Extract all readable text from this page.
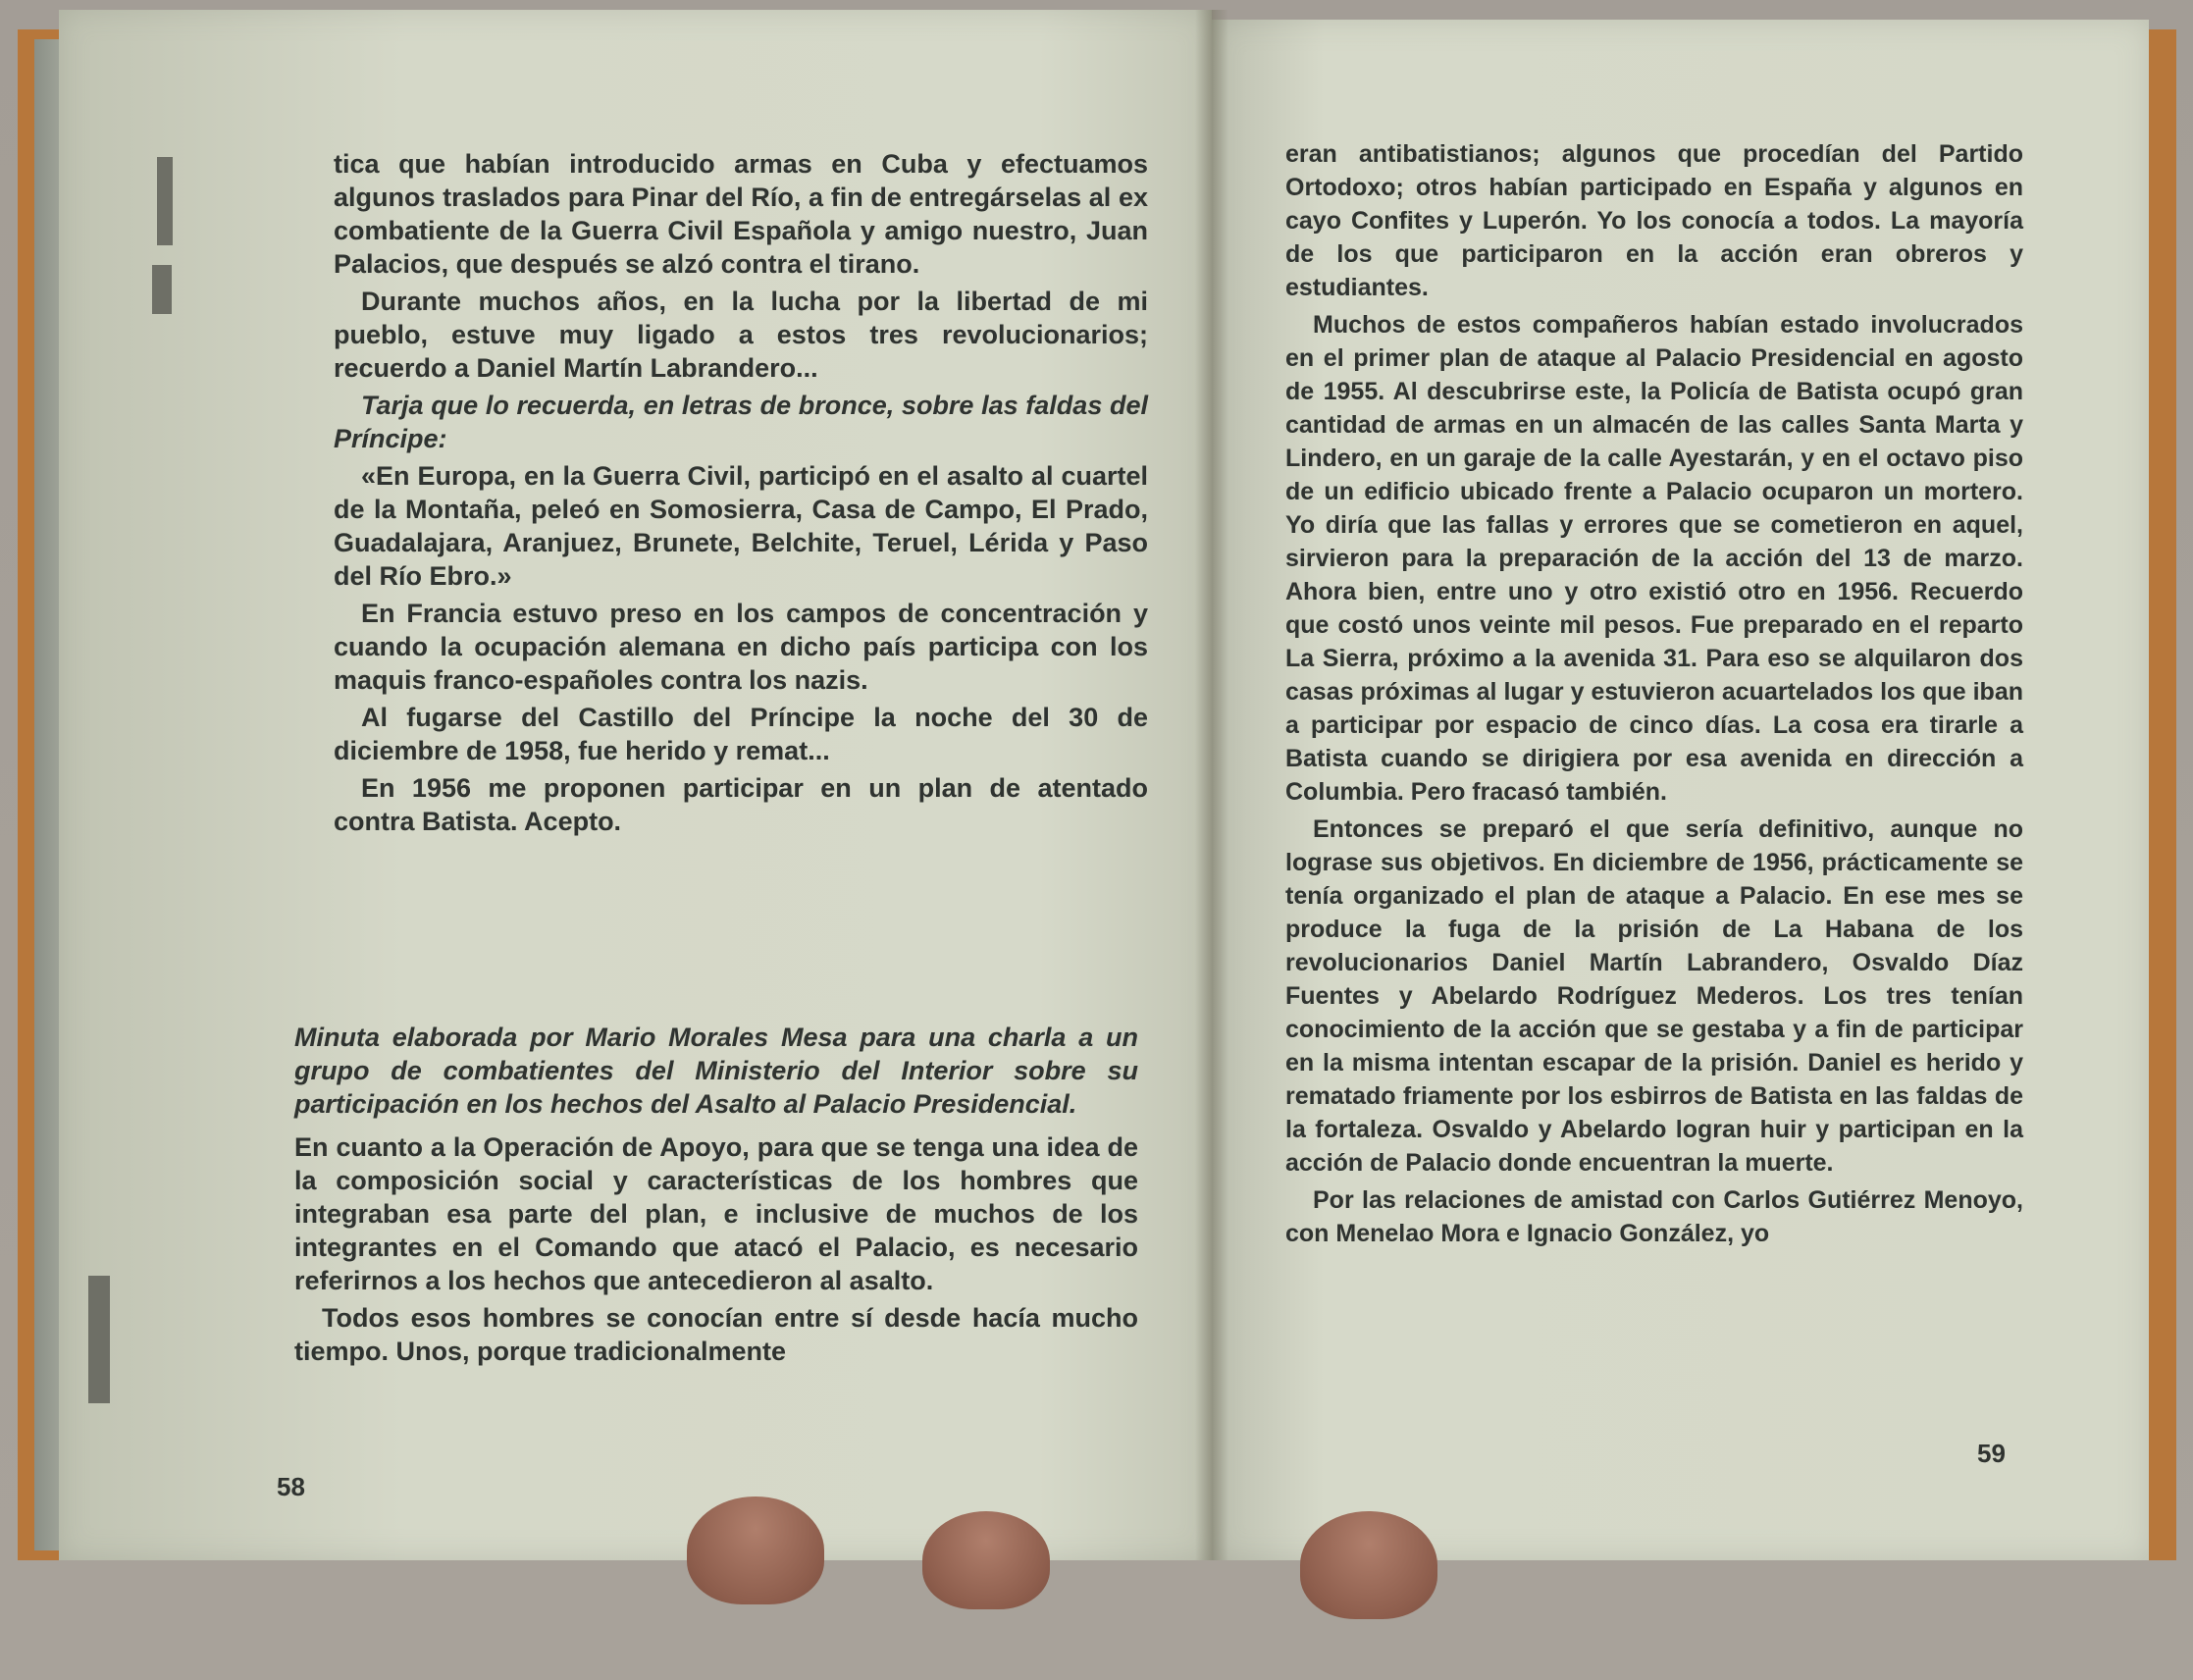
tica que habían introducido armas en Cuba y efectuamos algunos traslados para Pinar del Río, a fin de entregárselas al ex combatiente de la Guerra Civil Española y amigo nuestro, Juan Palacios, que después se alzó contra el tirano.

Durante muchos años, en la lucha por la libertad de mi pueblo, estuve muy ligado a estos tres revolucionarios; recuerdo a Daniel Martín Labrandero...

Tarja que lo recuerda, en letras de bronce, sobre las faldas del Príncipe:

«En Europa, en la Guerra Civil, participó en el asalto al cuartel de la Montaña, peleó en Somosierra, Casa de Campo, El Prado, Guadalajara, Aranjuez, Brunete, Belchite, Teruel, Lérida y Paso del Río Ebro.»

En Francia estuvo preso en los campos de concentración y cuando la ocupación alemana en dicho país participa con los maquis franco-españoles contra los nazis.

Al fugarse del Castillo del Príncipe la noche del 30 de diciembre de 1958, fue herido y remat...

En 1956 me proponen participar en un plan de atentado contra Batista. Acepto.

Minuta elaborada por Mario Morales Mesa para una charla a un grupo de combatientes del Ministerio del Interior sobre su participación en los hechos del Asalto al Palacio Presidencial.

En cuanto a la Operación de Apoyo, para que se tenga una idea de la composición social y características de los hombres que integraban esa parte del plan, e inclusive de muchos de los integrantes en el Comando que atacó el Palacio, es necesario referirnos a los hechos que antecedieron al asalto.

Todos esos hombres se conocían entre sí desde hacía mucho tiempo. Unos, porque tradicionalmente

58

eran antibatistianos; algunos que procedían del Partido Ortodoxo; otros habían participado en España y algunos en cayo Confites y Luperón. Yo los conocía a todos. La mayoría de los que participaron en la acción eran obreros y estudiantes.

Muchos de estos compañeros habían estado involucrados en el primer plan de ataque al Palacio Presidencial en agosto de 1955. Al descubrirse este, la Policía de Batista ocupó gran cantidad de armas en un almacén de las calles Santa Marta y Lindero, en un garaje de la calle Ayestarán, y en el octavo piso de un edificio ubicado frente a Palacio ocuparon un mortero. Yo diría que las fallas y errores que se cometieron en aquel, sirvieron para la preparación de la acción del 13 de marzo. Ahora bien, entre uno y otro existió otro en 1956. Recuerdo que costó unos veinte mil pesos. Fue preparado en el reparto La Sierra, próximo a la avenida 31. Para eso se alquilaron dos casas próximas al lugar y estuvieron acuartelados los que iban a participar por espacio de cinco días. La cosa era tirarle a Batista cuando se dirigiera por esa avenida en dirección a Columbia. Pero fracasó también.

Entonces se preparó el que sería definitivo, aunque no lograse sus objetivos. En diciembre de 1956, prácticamente se tenía organizado el plan de ataque a Palacio. En ese mes se produce la fuga de la prisión de La Habana de los revolucionarios Daniel Martín Labrandero, Osvaldo Díaz Fuentes y Abelardo Rodríguez Mederos. Los tres tenían conocimiento de la acción que se gestaba y a fin de participar en la misma intentan escapar de la prisión. Daniel es herido y rematado friamente por los esbirros de Batista en las faldas de la fortaleza. Osvaldo y Abelardo logran huir y participan en la acción de Palacio donde encuentran la muerte.

Por las relaciones de amistad con Carlos Gutiérrez Menoyo, con Menelao Mora e Ignacio González, yo

59
